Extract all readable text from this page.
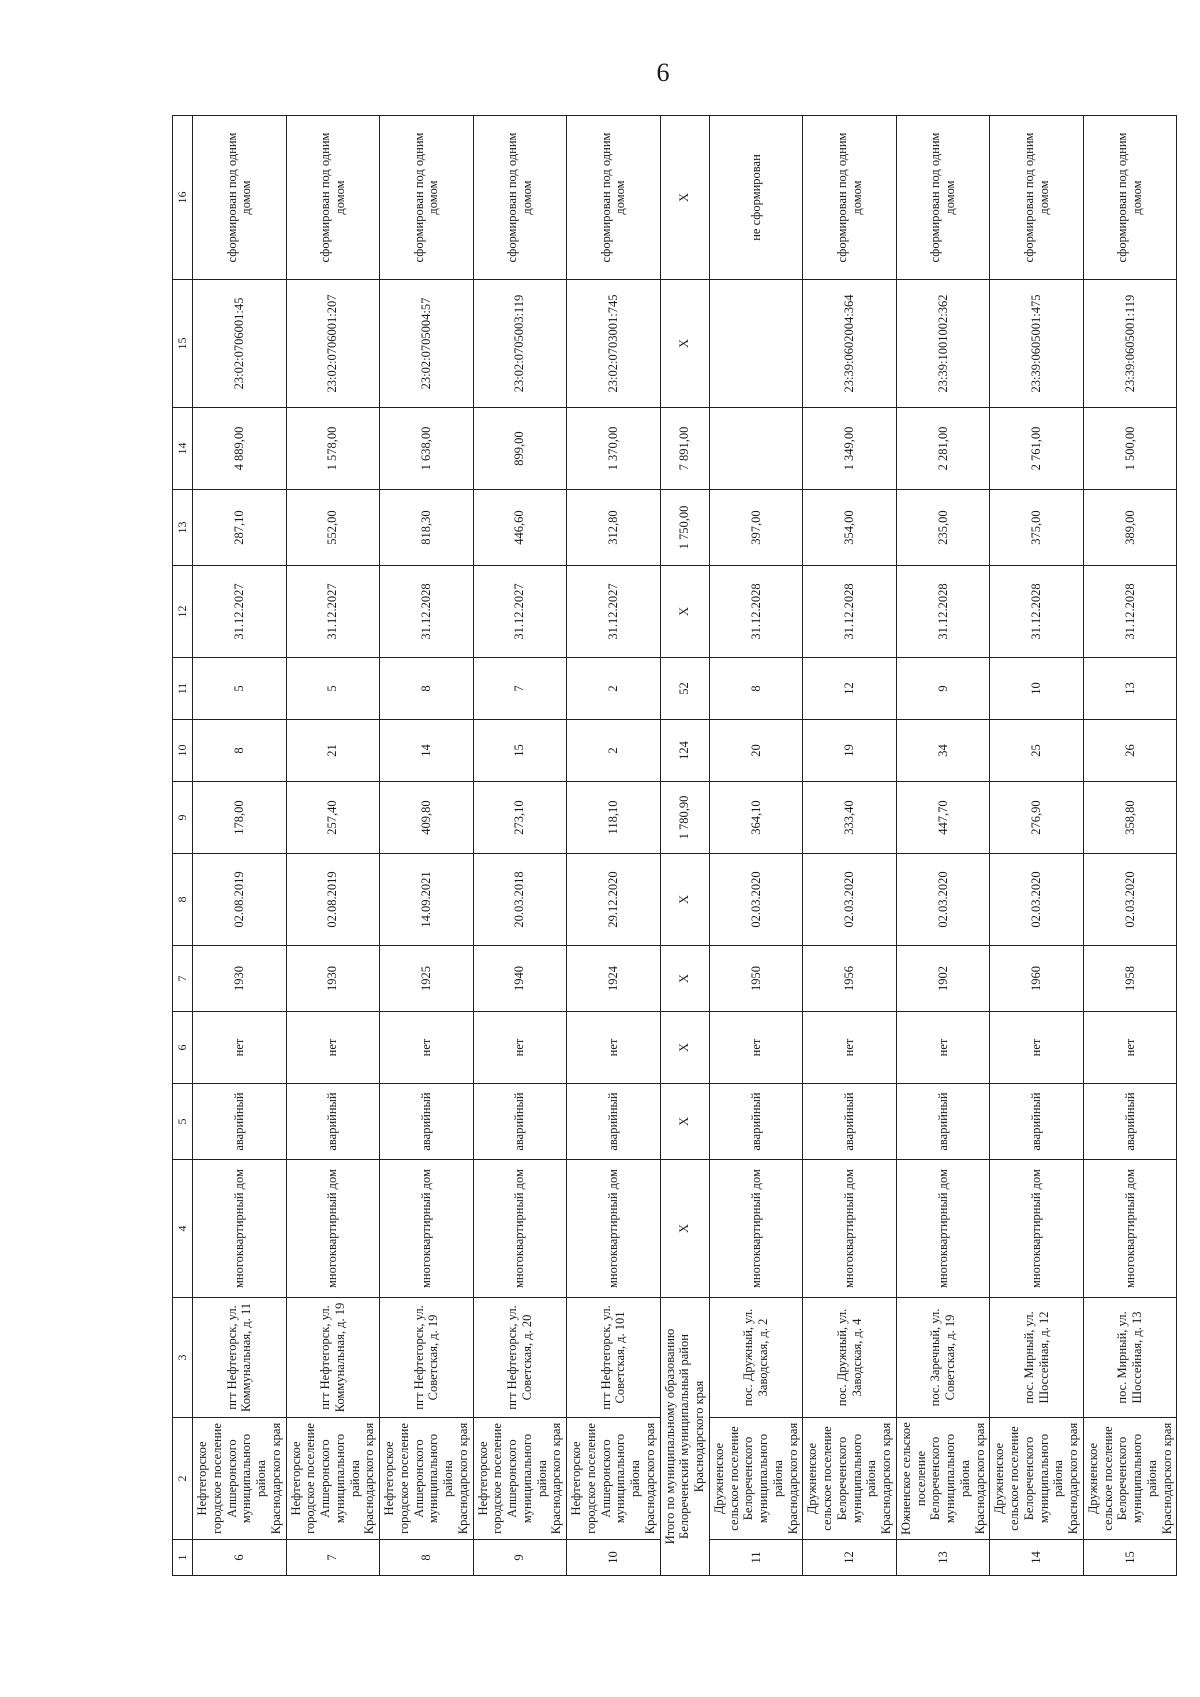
6
1	2	3	4	5	6	7	8	9	10	11	12	13	14	15	16
6	Нефтегорское городское поселение Апшеронского муниципального района Краснодарского края	пгт Нефтегорск, ул. Коммунальная, д. 11	многоквартирный дом	аварийный	нет	1930	02.08.2019	178,00	8	5	31.12.2027	287,10	4 889,00	23:02:0706001:45	сформирован под одним домом
7	Нефтегорское городское поселение Апшеронского муниципального района Краснодарского края	пгт Нефтегорск, ул. Коммунальная, д. 19	многоквартирный дом	аварийный	нет	1930	02.08.2019	257,40	21	5	31.12.2027	552,00	1 578,00	23:02:0706001:207	сформирован под одним домом
8	Нефтегорское городское поселение Апшеронского муниципального района Краснодарского края	пгт Нефтегорск, ул. Советская, д. 19	многоквартирный дом	аварийный	нет	1925	14.09.2021	409,80	14	8	31.12.2028	818,30	1 638,00	23:02:0705004:57	сформирован под одним домом
9	Нефтегорское городское поселение Апшеронского муниципального района Краснодарского края	пгт Нефтегорск, ул. Советская, д. 20	многоквартирный дом	аварийный	нет	1940	20.03.2018	273,10	15	7	31.12.2027	446,60	899,00	23:02:0705003:119	сформирован под одним домом
10	Нефтегорское городское поселение Апшеронского муниципального района Краснодарского края	пгт Нефтегорск, ул. Советская, д. 101	многоквартирный дом	аварийный	нет	1924	29.12.2020	118,10	2	2	31.12.2027	312,80	1 370,00	23:02:0703001:745	сформирован под одним домом
Итого по муниципальному образованию Белореченский муниципальный район Краснодарского края			X	X	X	X	X	1 780,90	124	52	X	1 750,00	7 891,00	X	X
11	Дружненское сельское поселение Белореченского муниципального района Краснодарского края	пос. Дружный, ул. Заводская, д. 2	многоквартирный дом	аварийный	нет	1950	02.03.2020	364,10	20	8	31.12.2028	397,00			не сформирован
12	Дружненское сельское поселение Белореченского муниципального района Краснодарского края	пос. Дружный, ул. Заводская, д. 4	многоквартирный дом	аварийный	нет	1956	02.03.2020	333,40	19	12	31.12.2028	354,00	1 349,00	23:39:0602004:364	сформирован под одним домом
13	Южненское сельское поселение Белореченского муниципального района Краснодарского края	пос. Заречный, ул. Советская, д. 19	многоквартирный дом	аварийный	нет	1902	02.03.2020	447,70	34	9	31.12.2028	235,00	2 281,00	23:39:1001002:362	сформирован под одним домом
14	Дружненское сельское поселение Белореченского муниципального района Краснодарского края	пос. Мирный, ул. Шоссейная, д. 12	многоквартирный дом	аварийный	нет	1960	02.03.2020	276,90	25	10	31.12.2028	375,00	2 761,00	23:39:0605001:475	сформирован под одним домом
15	Дружненское сельское поселение Белореченского муниципального района Краснодарского края	пос. Мирный, ул. Шоссейная, д. 13	многоквартирный дом	аварийный	нет	1958	02.03.2020	358,80	26	13	31.12.2028	389,00	1 500,00	23:39:0605001:119	сформирован под одним домом
